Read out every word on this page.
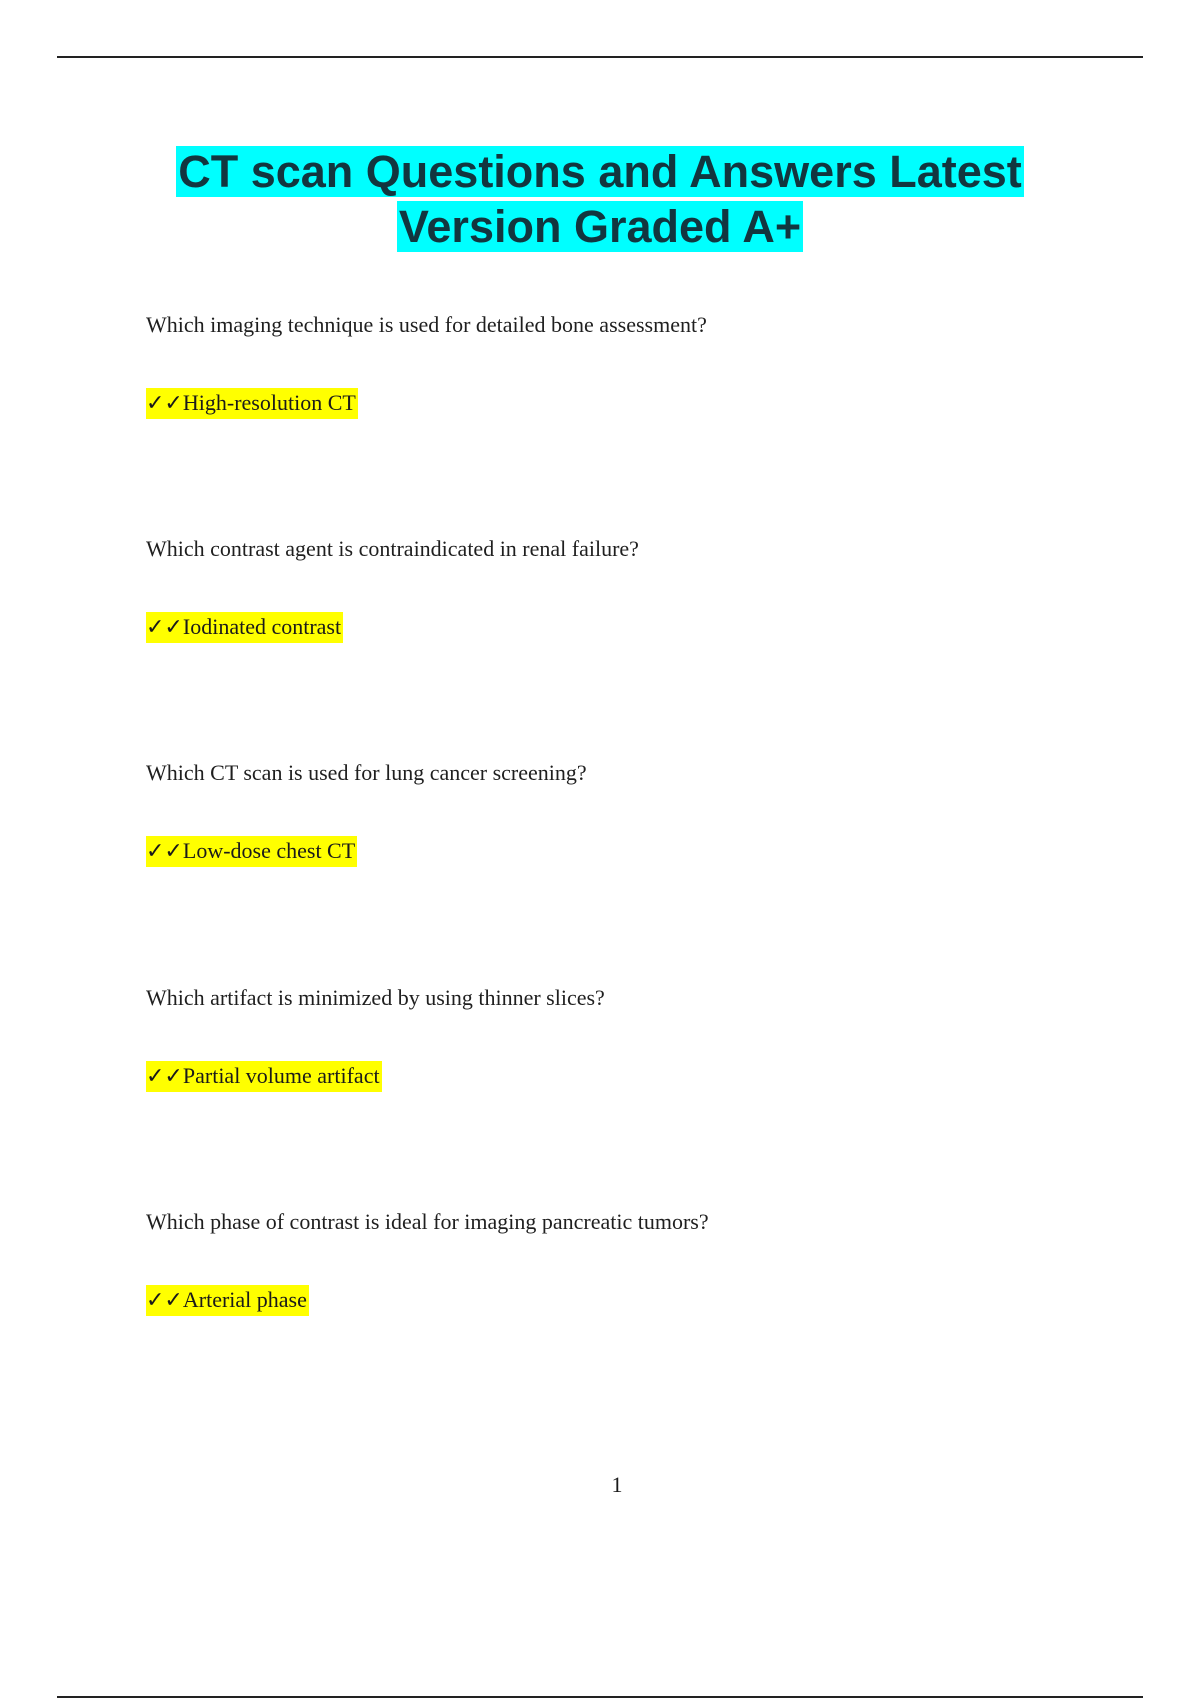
CT scan Questions and Answers Latest
Version Graded A+

Which imaging technique is used for detailed bone assessment?

✓✓High-resolution CT

Which contrast agent is contraindicated in renal failure?

✓✓Iodinated contrast

Which CT scan is used for lung cancer screening?

✓✓Low-dose chest CT

Which artifact is minimized by using thinner slices?

✓✓Partial volume artifact

Which phase of contrast is ideal for imaging pancreatic tumors?

✓✓Arterial phase
1
